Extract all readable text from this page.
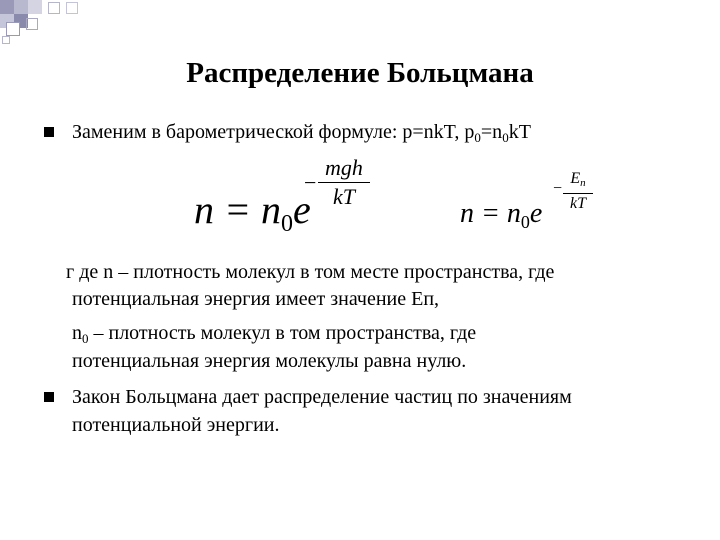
Распределение Больцмана
Заменим в барометрической формуле: p=nkT, $p_0=n_0kT$
$n = n_0e$
−
mgh
kT
$n = n_0e$
−
$E_n$
kT
г де n – плотность молекул в том месте пространства, где
потенциальная энергия имеет значение Eп,
$n_0$ – плотность молекул в том пространства, где
потенциальная энергия молекулы равна нулю.
Закон Больцмана дает распределение частиц по значениям
потенциальной энергии.
